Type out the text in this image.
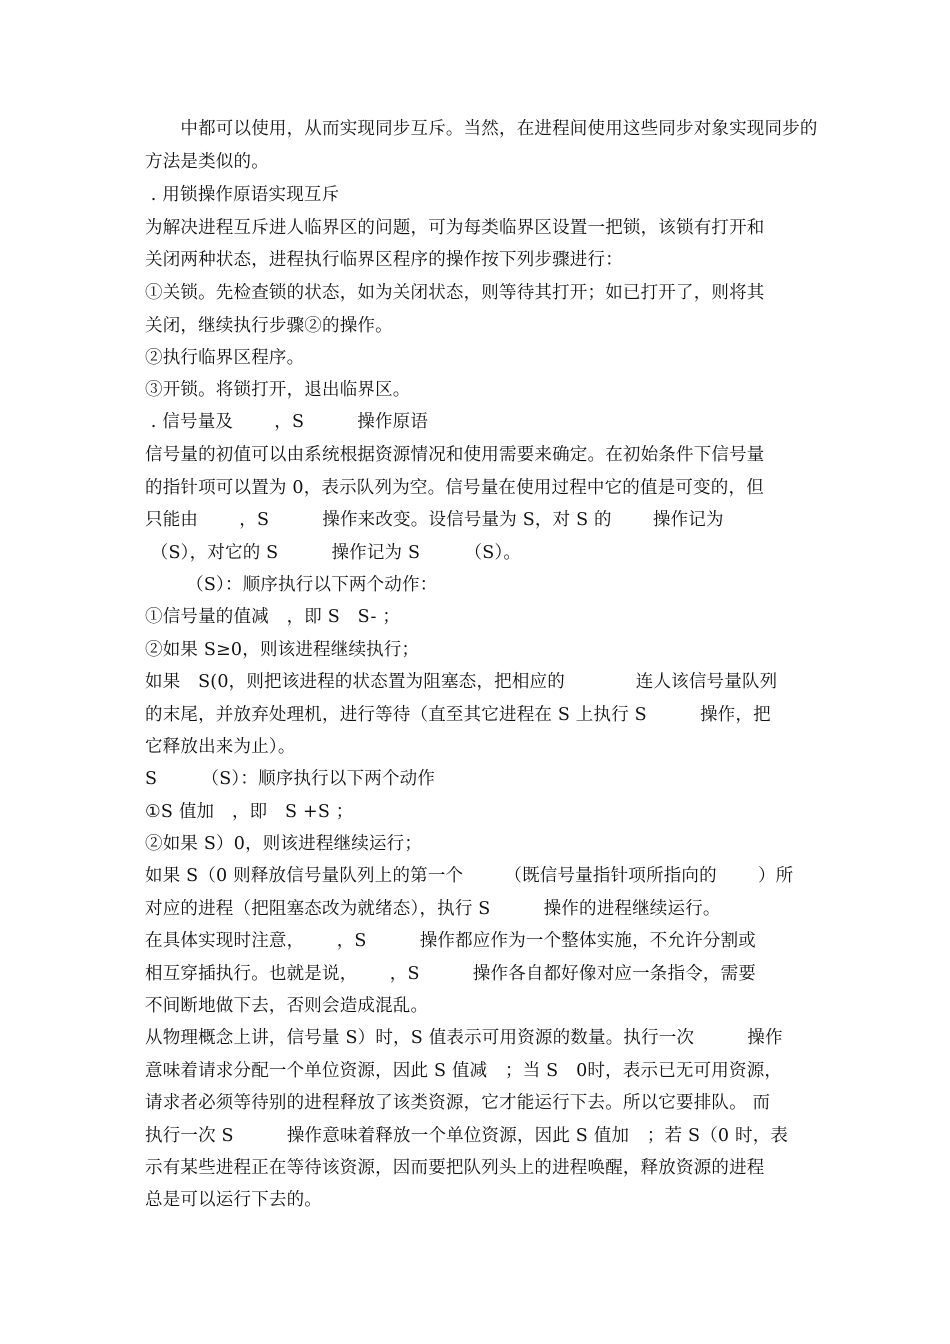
　　中都可以使用，从而实现同步互斥。当然，在进程间使用这些同步对象实现同步的
方法是类似的。
. 用锁操作原语实现互斥
为解决进程互斥进人临界区的问题，可为每类临界区设置一把锁，该锁有打开和
关闭两种状态，进程执行临界区程序的操作按下列步骤进行：
①关锁。先检查锁的状态，如为关闭状态，则等待其打开；如已打开了，则将其
关闭，继续执行步骤②的操作。
②执行临界区程序。
③开锁。将锁打开，退出临界区。
. 信号量及　　 ，S　　　操作原语
信号量的初值可以由系统根据资源情况和使用需要来确定。在初始条件下信号量
的指针项可以置为 0，表示队列为空。信号量在使用过程中它的值是可变的，但
只能由　　 ，S　　　操作来改变。设信号量为 S，对 S 的　　 操作记为
（S），对它的 S　　　操作记为 S　　　（S）。
　　 （S）：顺序执行以下两个动作：
①信号量的值减　，即 S　S- ；
②如果 S≥0，则该进程继续执行；
如果　S(0，则把该进程的状态置为阻塞态，把相应的　　　　连人该信号量队列
的末尾，并放弃处理机，进行等待（直至其它进程在 S 上执行 S　　　操作，把
它释放出来为止）。
S　　　（S）：顺序执行以下两个动作
①S 值加　，即　S +S ；
②如果 S）0，则该进程继续运行；
如果 S（0 则释放信号量队列上的第一个　　 （既信号量指针项所指向的　　 ）所
对应的进程（把阻塞态改为就绪态），执行 S　　　操作的进程继续运行。
在具体实现时注意，　　 ，S　　　操作都应作为一个整体实施，不允许分割或
相互穿插执行。也就是说，　　 ，S　　　操作各自都好像对应一条指令，需要
不间断地做下去，否则会造成混乱。
从物理概念上讲，信号量 S）时，S 值表示可用资源的数量。执行一次　　　操作
意味着请求分配一个单位资源，因此 S 值减　；当 S　0时，表示已无可用资源，
请求者必须等待别的进程释放了该类资源，它才能运行下去。所以它要排队。 而
执行一次 S　　　操作意味着释放一个单位资源，因此 S 值加　；若 S（0 时，表
示有某些进程正在等待该资源，因而要把队列头上的进程唤醒，释放资源的进程
总是可以运行下去的。
